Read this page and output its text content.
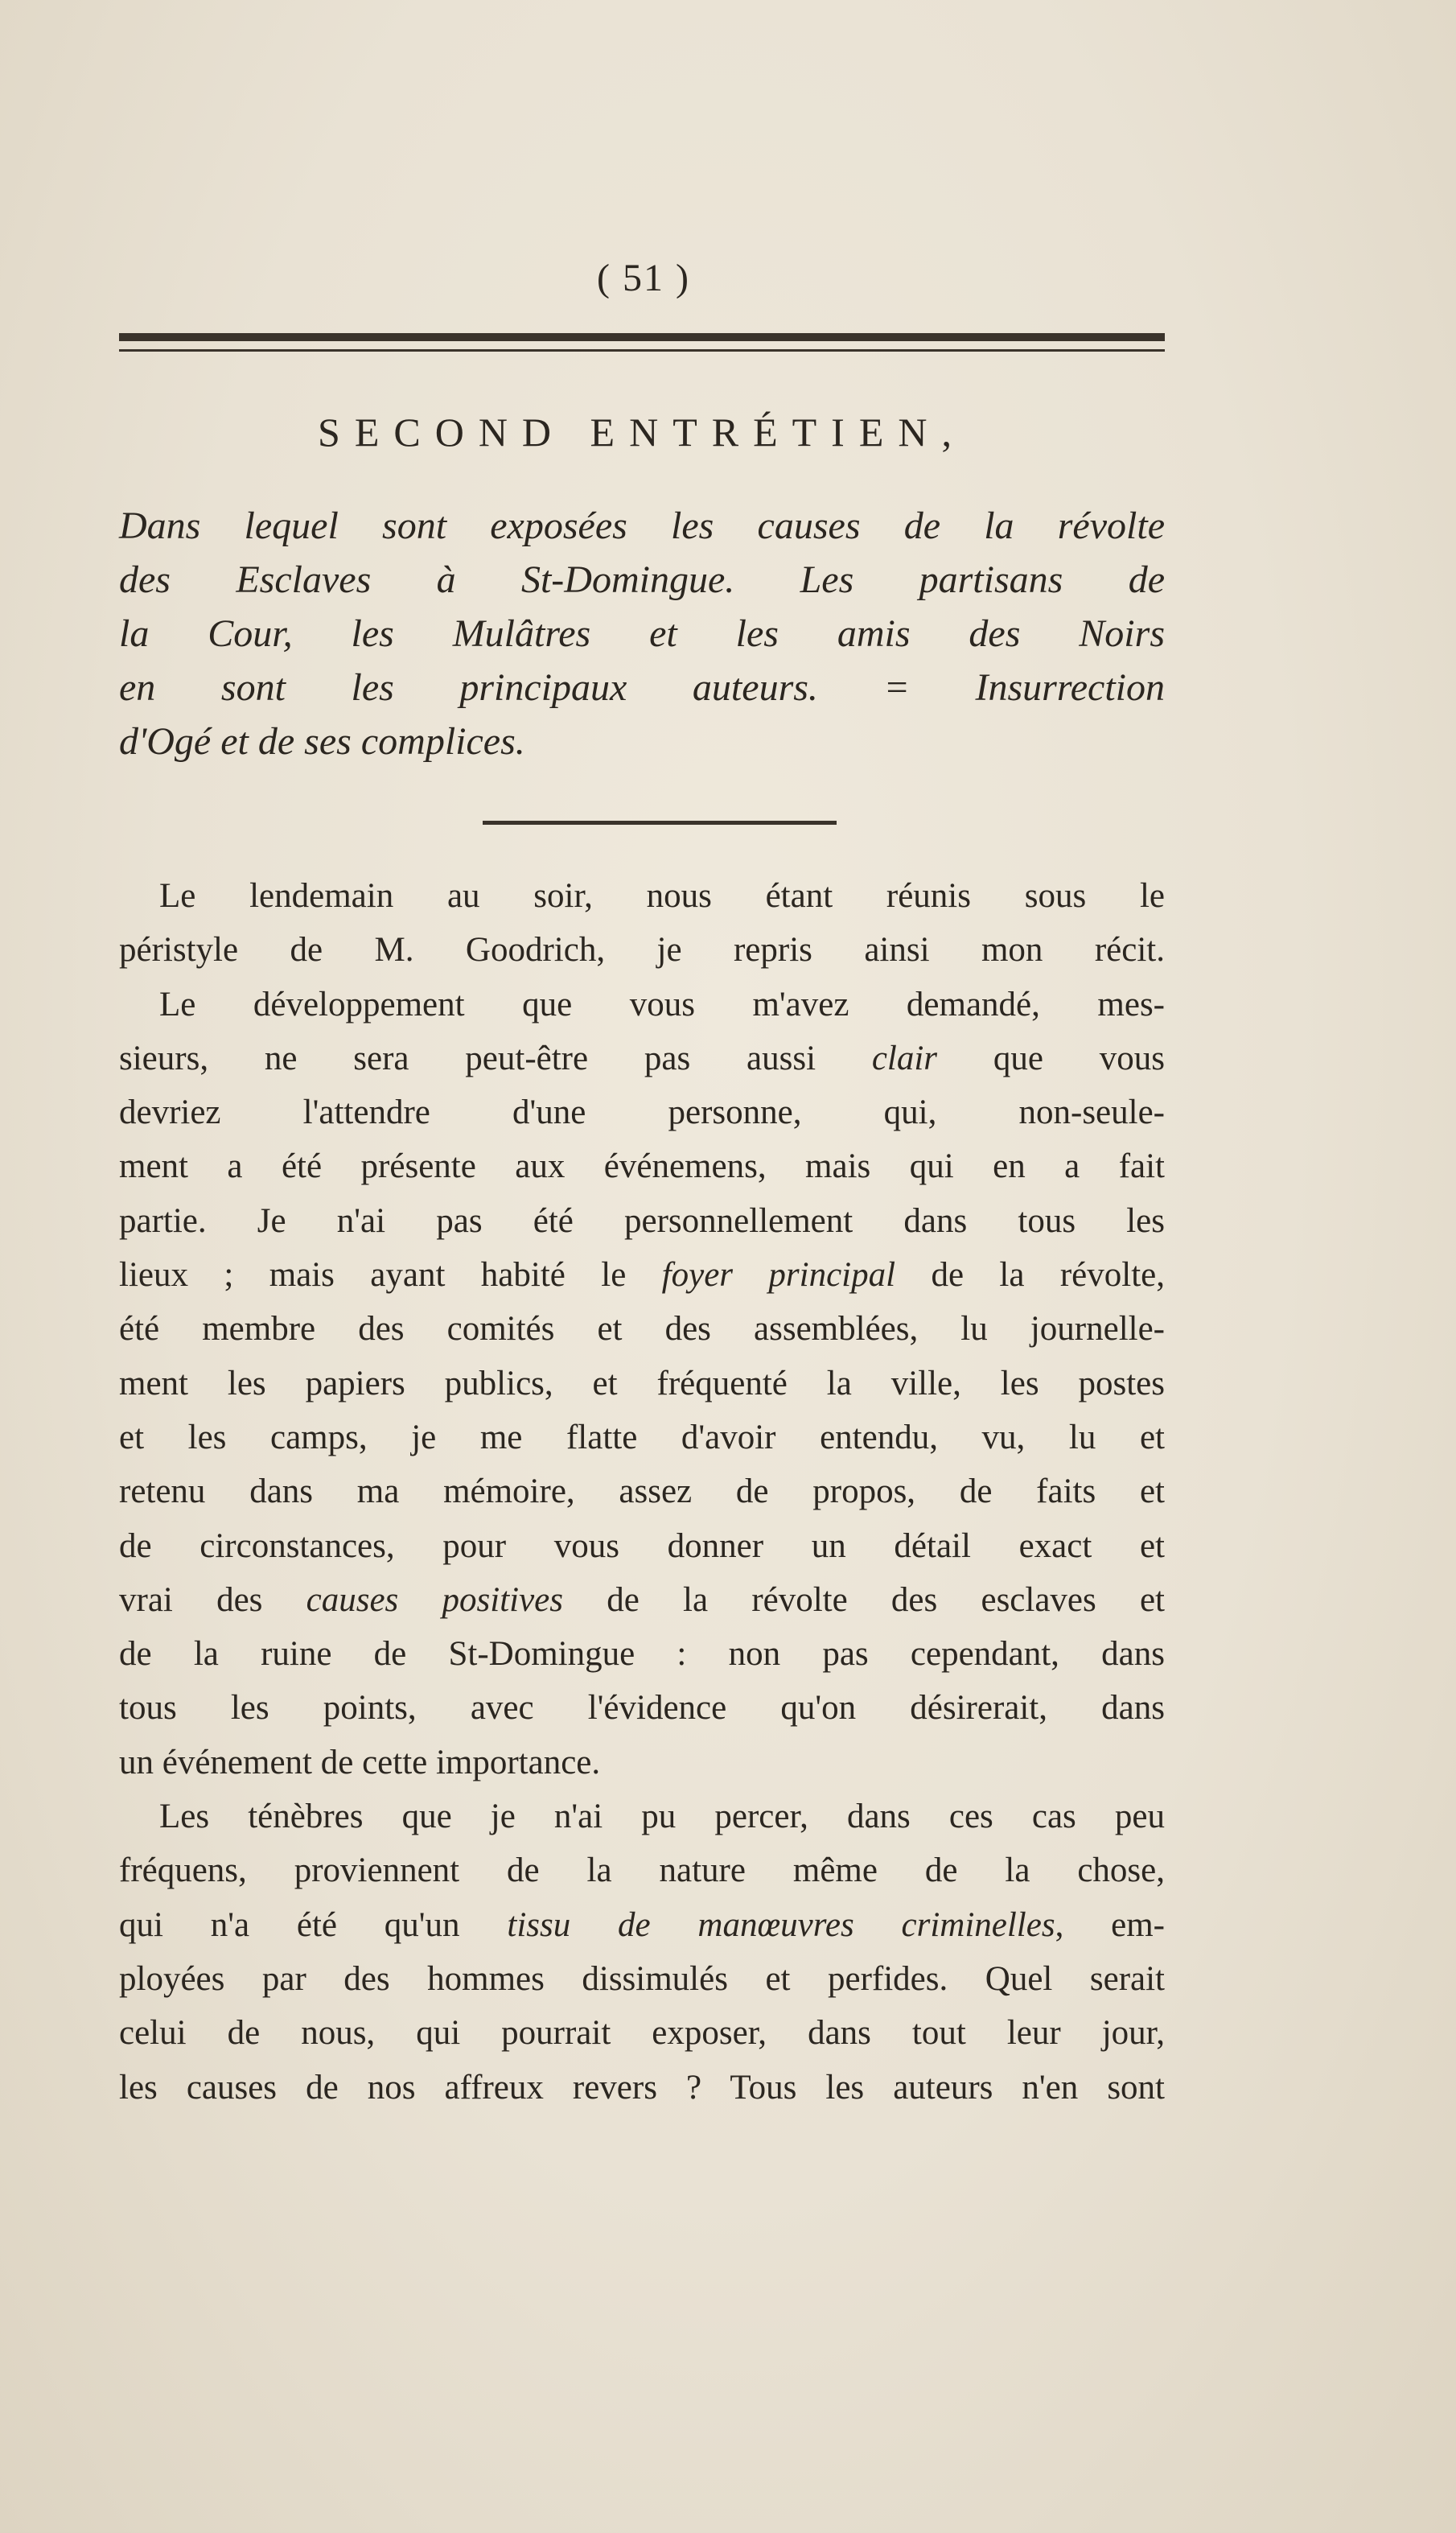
( 51 )
SECOND ENTRÉTIEN,
Dans lequel sont exposées les causes de la révolte
des Esclaves à St-Domingue. Les partisans de
la Cour, les Mulâtres et les amis des Noirs
en sont les principaux auteurs. = Insurrection
d'Ogé et de ses complices.
Le lendemain au soir, nous étant réunis sous le
péristyle de M. Goodrich, je repris ainsi mon récit.
Le développement que vous m'avez demandé, mes-
sieurs, ne sera peut-être pas aussi clair que vous
devriez l'attendre d'une personne, qui, non-seule-
ment a été présente aux événemens, mais qui en a fait
partie. Je n'ai pas été personnellement dans tous les
lieux ; mais ayant habité le foyer principal de la révolte,
été membre des comités et des assemblées, lu journelle-
ment les papiers publics, et fréquenté la ville, les postes
et les camps, je me flatte d'avoir entendu, vu, lu et
retenu dans ma mémoire, assez de propos, de faits et
de circonstances, pour vous donner un détail exact et
vrai des causes positives de la révolte des esclaves et
de la ruine de St-Domingue : non pas cependant, dans
tous les points, avec l'évidence qu'on désirerait, dans
un événement de cette importance.
Les ténèbres que je n'ai pu percer, dans ces cas peu
fréquens, proviennent de la nature même de la chose,
qui n'a été qu'un tissu de manœuvres criminelles, em-
ployées par des hommes dissimulés et perfides. Quel serait
celui de nous, qui pourrait exposer, dans tout leur jour,
les causes de nos affreux revers ? Tous les auteurs n'en sont
